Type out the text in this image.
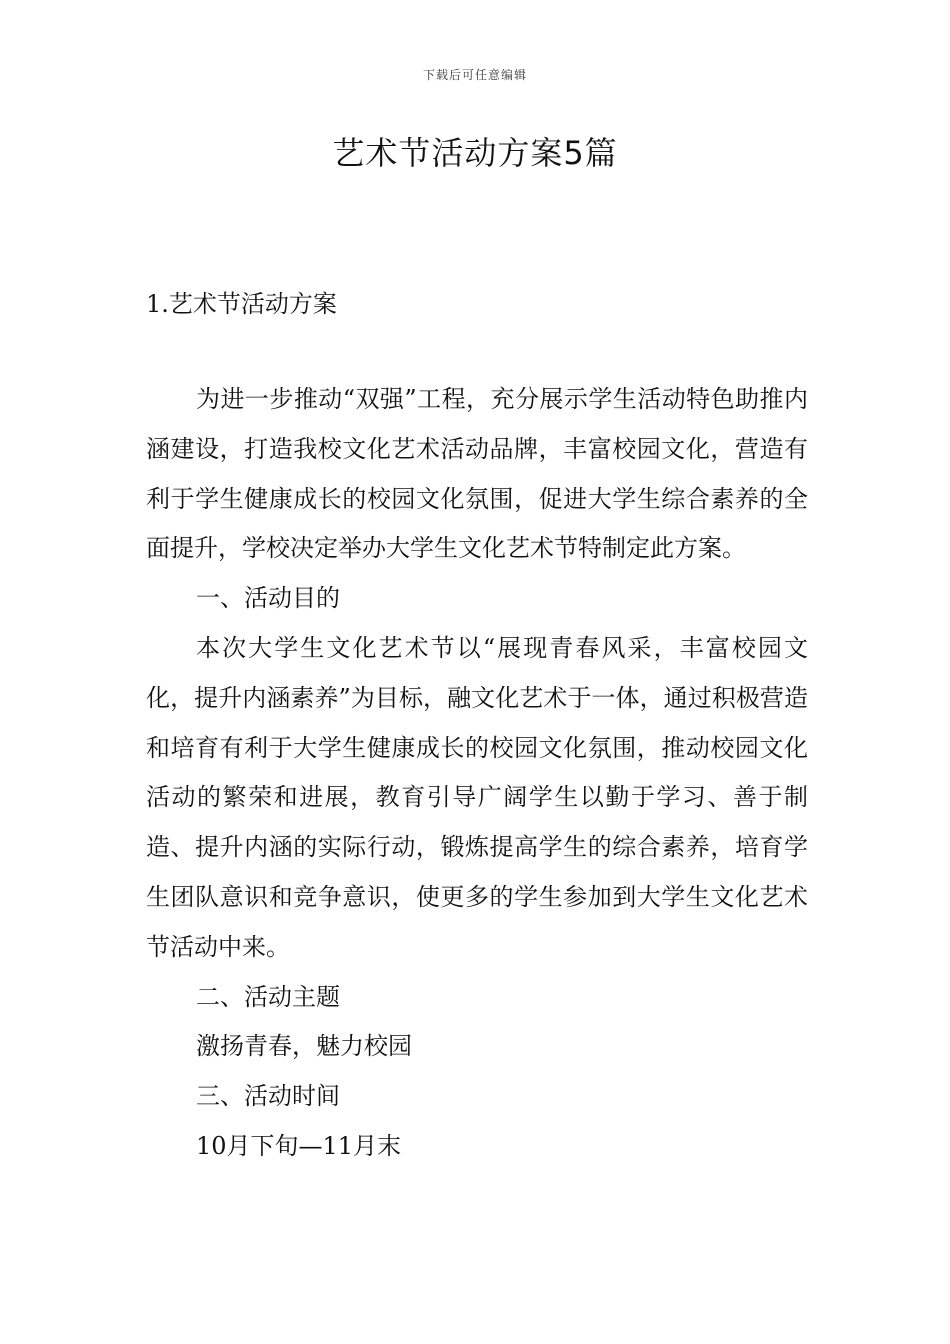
下载后可任意编辑
艺术节活动方案5篇
1.艺术节活动方案

为进一步推动“双强”工程，充分展示学生活动特色助推内涵建设，打造我校文化艺术活动品牌，丰富校园文化，营造有利于学生健康成长的校园文化氛围，促进大学生综合素养的全面提升，学校决定举办大学生文化艺术节特制定此方案。

一、活动目的

本次大学生文化艺术节以“展现青春风采，丰富校园文化，提升内涵素养”为目标，融文化艺术于一体，通过积极营造和培育有利于大学生健康成长的校园文化氛围，推动校园文化活动的繁荣和进展，教育引导广阔学生以勤于学习、善于制造、提升内涵的实际行动，锻炼提高学生的综合素养，培育学生团队意识和竞争意识，使更多的学生参加到大学生文化艺术节活动中来。

二、活动主题

激扬青春，魅力校园

三、活动时间

10月下旬—11月末
